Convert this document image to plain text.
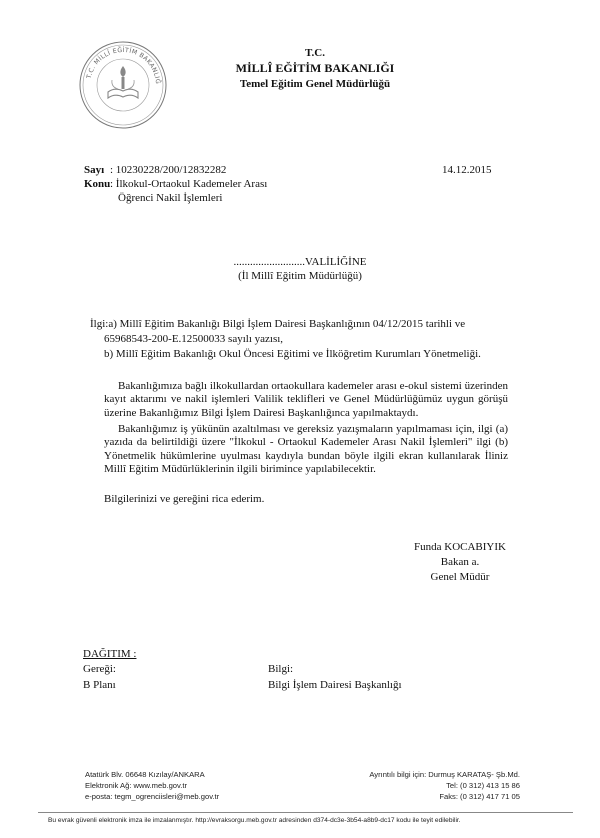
T.C. MİLLÎ EĞİTİM BAKANLIĞ
T.C.
MİLLÎ EĞİTİM BAKANLIĞI
Temel Eğitim Genel Müdürlüğü
Sayı : 10230228/200/12832282	14.12.2015
Konu : İlkokul-Ortaokul Kademeler Arası
Öğrenci Nakil İşlemleri
..........................VALİLİĞİNE
(İl Millî Eğitim Müdürlüğü)
İlgi:a) Millî Eğitim Bakanlığı Bilgi İşlem Dairesi Başkanlığının 04/12/2015 tarihli ve
65968543-200-E.12500033 sayılı yazısı,
b) Millî Eğitim Bakanlığı Okul Öncesi Eğitimi ve İlköğretim Kurumları Yönetmeliği.
Bakanlığımıza bağlı ilkokullardan ortaokullara kademeler arası e-okul sistemi üzerinden kayıt aktarımı ve nakil işlemleri Valilik teklifleri ve Genel Müdürlüğümüz uygun görüşü üzerine Bakanlığımız Bilgi İşlem Dairesi Başkanlığınca yapılmaktaydı.
Bakanlığımız iş yükünün azaltılması ve gereksiz yazışmaların yapılmaması için, ilgi (a) yazıda da belirtildiği üzere "İlkokul - Ortaokul Kademeler Arası Nakil İşlemleri" ilgi (b) Yönetmelik hükümlerine uyulması kaydıyla bundan böyle ilgili ekran kullanılarak İliniz Millî Eğitim Müdürlüklerinin ilgili birimince yapılabilecektir.
Bilgilerinizi ve gereğini rica ederim.
Funda KOCABIYIK
Bakan a.
Genel Müdür
DAĞITIM :
Gereği:
B Planı
Bilgi:
Bilgi İşlem Dairesi Başkanlığı
Atatürk Blv. 06648 Kızılay/ANKARA
Elektronik Ağ: www.meb.gov.tr
e-posta: tegm_ogrenciisleri@meb.gov.tr
Ayrıntılı bilgi için: Durmuş KARATAŞ- Şb.Md.
Tel: (0 312) 413 15 86
Faks: (0 312) 417 71 05
Bu evrak güvenli elektronik imza ile imzalanmıştır. http://evraksorgu.meb.gov.tr adresinden d374-dc3e-3b54-a8b9-dc17 kodu ile teyit edilebilir.
